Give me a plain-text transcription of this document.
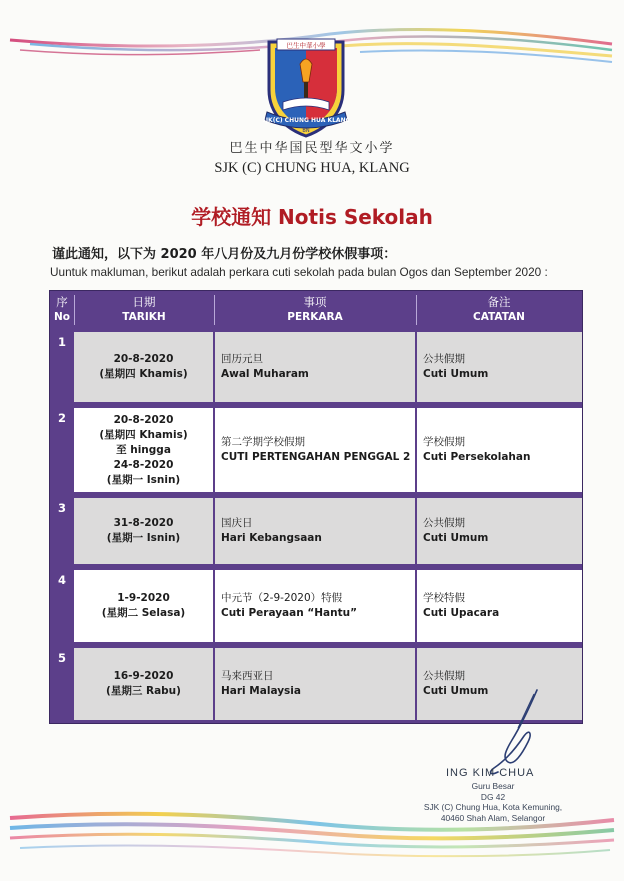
巴生中華小學
SJK(C) CHUNG HUA KLANG
BN
巴生中华国民型华文小学
SJK (C) CHUNG HUA, KLANG
学校通知 Notis Sekolah
谨此通知，以下为 2020 年八月份及九月份学校休假事项：
Uuntuk makluman, berikut adalah perkara cuti sekolah pada bulan Ogos dan September 2020 :
序
No
日期
TARIKH
事项
PERKARA
备注
CATATAN
1
20-8-2020
(星期四 Khamis)
回历元旦
Awal Muharam
公共假期
Cuti Umum
2	20-8-2020
(星期四 Khamis)
至 hingga
24-8-2020
(星期一 Isnin)
第二学期学校假期
CUTI PERTENGAHAN PENGGAL 2
学校假期
Cuti Persekolahan
3
31-8-2020
(星期一 Isnin)
国庆日
Hari Kebangsaan
公共假期
Cuti Umum
4
1-9-2020
(星期二 Selasa)
中元节（2-9-2020）特假
Cuti Perayaan “Hantu”
学校特假
Cuti Upacara
5
16-9-2020
(星期三 Rabu)
马来西亚日
Hari Malaysia
公共假期
Cuti Umum
ING KIM CHUA
Guru Besar
DG 42
SJK (C) Chung Hua, Kota Kemuning,
40460 Shah Alam, Selangor
